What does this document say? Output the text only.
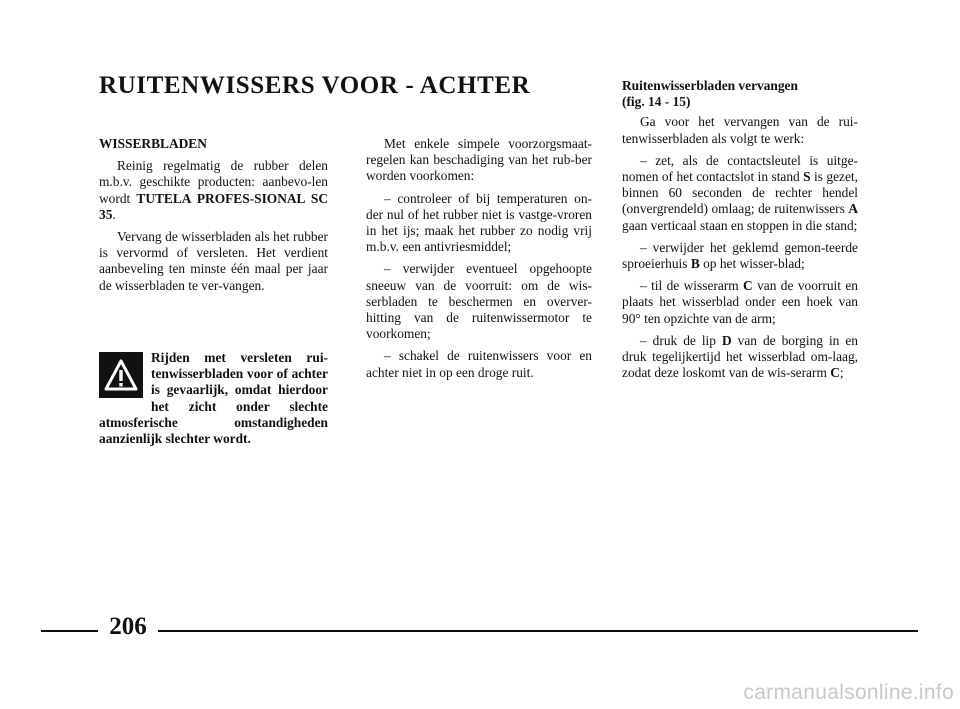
RUITENWISSERS VOOR - ACHTER

WISSERBLADEN

Reinig regelmatig de rubber delen m.b.v. geschikte producten: aanbevo-len wordt TUTELA PROFES-SIONAL SC 35.

Vervang de wisserbladen als het rubber is vervormd of versleten. Het verdient aanbeveling ten minste één maal per jaar de wisserbladen te ver-vangen.

Rijden met versleten rui-tenwisserbladen voor of achter is gevaarlijk, omdat hierdoor het zicht onder slechte atmosferische omstandigheden aanzienlijk slechter wordt.

Met enkele simpele voorzorgsmaat-regelen kan beschadiging van het rub-ber worden voorkomen:

– controleer of bij temperaturen on-der nul of het rubber niet is vastge-vroren in het ijs; maak het rubber zo nodig vrij m.b.v. een antivriesmiddel;

– verwijder eventueel opgehoopte sneeuw van de voorruit: om de wis-serbladen te beschermen en overver-hitting van de ruitenwissermotor te voorkomen;

– schakel de ruitenwissers voor en achter niet in op een droge ruit.

Ruitenwisserbladen vervangen
(fig. 14 - 15)

Ga voor het vervangen van de rui-tenwisserbladen als volgt te werk:

– zet, als de contactsleutel is uitge-nomen of het contactslot in stand S is gezet, binnen 60 seconden de rechter hendel (onvergrendeld) omlaag; de ruitenwissers A gaan verticaal staan en stoppen in die stand;

– verwijder het geklemd gemon-teerde sproeierhuis B op het wisser-blad;

– til de wisserarm C van de voorruit en plaats het wisserblad onder een hoek van 90° ten opzichte van de arm;

– druk de lip D van de borging in en druk tegelijkertijd het wisserblad om-laag, zodat deze loskomt van de wis-serarm C;

206
carmanualsonline.info
